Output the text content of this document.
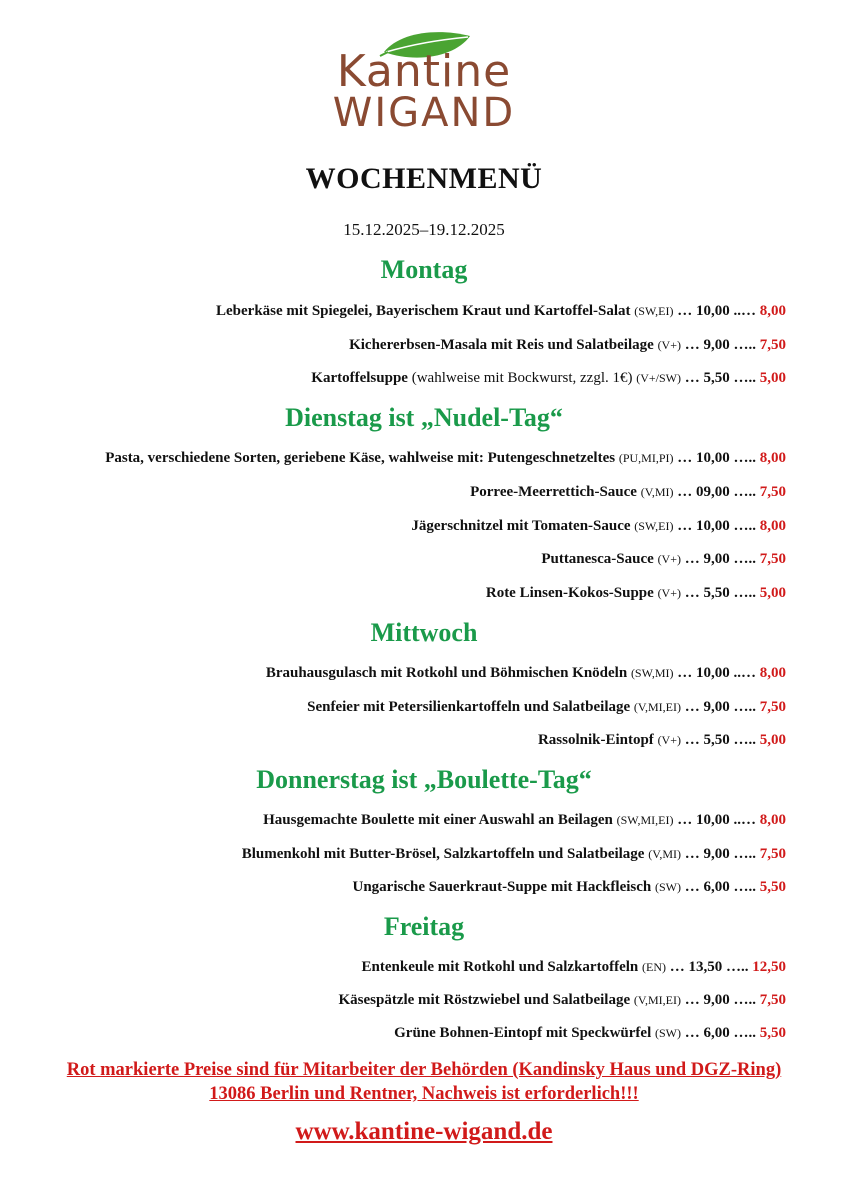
Kantine
WIGAND
WOCHENMENÜ
15.12.2025–19.12.2025
Montag
Leberkäse mit Spiegelei, Bayerischem Kraut und Kartoffel-Salat (SW,EI) … 10,00 ..… 8,00
Kichererbsen-Masala mit Reis und Salatbeilage (V+) … 9,00 ….. 7,50
Kartoffelsuppe (wahlweise mit Bockwurst, zzgl. 1€) (V+/SW) … 5,50 ….. 5,00
Dienstag ist „Nudel-Tag“
Pasta, verschiedene Sorten, geriebene Käse, wahlweise mit: Putengeschnetzeltes (PU,MI,PI) … 10,00 ….. 8,00
Porree-Meerrettich-Sauce (V,MI) … 09,00 ….. 7,50
Jägerschnitzel mit Tomaten-Sauce (SW,EI) … 10,00 ….. 8,00
Puttanesca-Sauce (V+) … 9,00 ….. 7,50
Rote Linsen-Kokos-Suppe (V+) … 5,50 ….. 5,00
Mittwoch
Brauhausgulasch mit Rotkohl und Böhmischen Knödeln (SW,MI) … 10,00 ..… 8,00
Senfeier mit Petersilienkartoffeln und Salatbeilage (V,MI,EI) … 9,00 ….. 7,50
Rassolnik-Eintopf (V+) … 5,50 ….. 5,00
Donnerstag ist „Boulette-Tag“
Hausgemachte Boulette mit einer Auswahl an Beilagen (SW,MI,EI) … 10,00 ..… 8,00
Blumenkohl mit Butter-Brösel, Salzkartoffeln und Salatbeilage (V,MI) … 9,00 ….. 7,50
Ungarische Sauerkraut-Suppe mit Hackfleisch (SW) … 6,00 ….. 5,50
Freitag
Entenkeule mit Rotkohl und Salzkartoffeln (EN) … 13,50 ….. 12,50
Käsespätzle mit Röstzwiebel und Salatbeilage (V,MI,EI) … 9,00 ….. 7,50
Grüne Bohnen-Eintopf mit Speckwürfel (SW) … 6,00 ….. 5,50
Rot markierte Preise sind für Mitarbeiter der Behörden (Kandinsky Haus und DGZ-Ring)
13086 Berlin und Rentner, Nachweis ist erforderlich!!!
www.kantine-wigand.de
